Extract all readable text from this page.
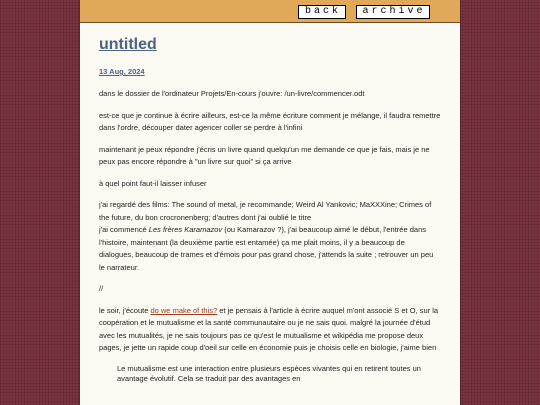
back	archive
untitled
13 Aug, 2024

dans le dossier de l'ordinateur Projets/En-cours j'ouvre: /un-livre/commencer.odt

est-ce que je continue à écrire ailleurs, est-ce la même écriture comment je mélange, il faudra remettre dans l'ordre, découper dater agencer coller se perdre à l'infini

maintenant je peux répondre j'écris un livre quand quelqu'un me demande ce que je fais, mais je ne peux pas encore répondre à "un livre sur quoi" si ça arrive

à quel point faut-il laisser infuser

j'ai regardé des films: The sound of metal, je recommande; Weird Al Yankovic; MaXXXine; Crimes of the future, du bon crocronenberg; d'autres dont j'ai oublié le titre

j'ai commencé Les frères Karamazov (ou Kamarazov ?), j'ai beaucoup aimé le début, l'entrée dans l'histoire, maintenant (la deuxième partie est entamée) ça me plait moins, il y a beaucoup de dialogues, beaucoup de trames et d'émois pour pas grand chose, j'attends la suite ; retrouver un peu le narrateur.

//

le soir, j'écoute do we make of this? et je pensais à l'article à écrire auquel m'ont associé S et O, sur la coopération et le mutualisme et la santé communautaire ou je ne sais quoi. malgré la journée d'étud avec les mutualités, je ne sais toujours pas ce qu'est le mutualisme et wikipédia me propose deux pages, je jette un rapide coup d'oeil sur celle en économie puis je choisis celle en biologie, j'aime bien

Le mutualisme est une interaction entre plusieurs espèces vivantes qui en retirent toutes un avantage évolutif. Cela se traduit par des avantages en
